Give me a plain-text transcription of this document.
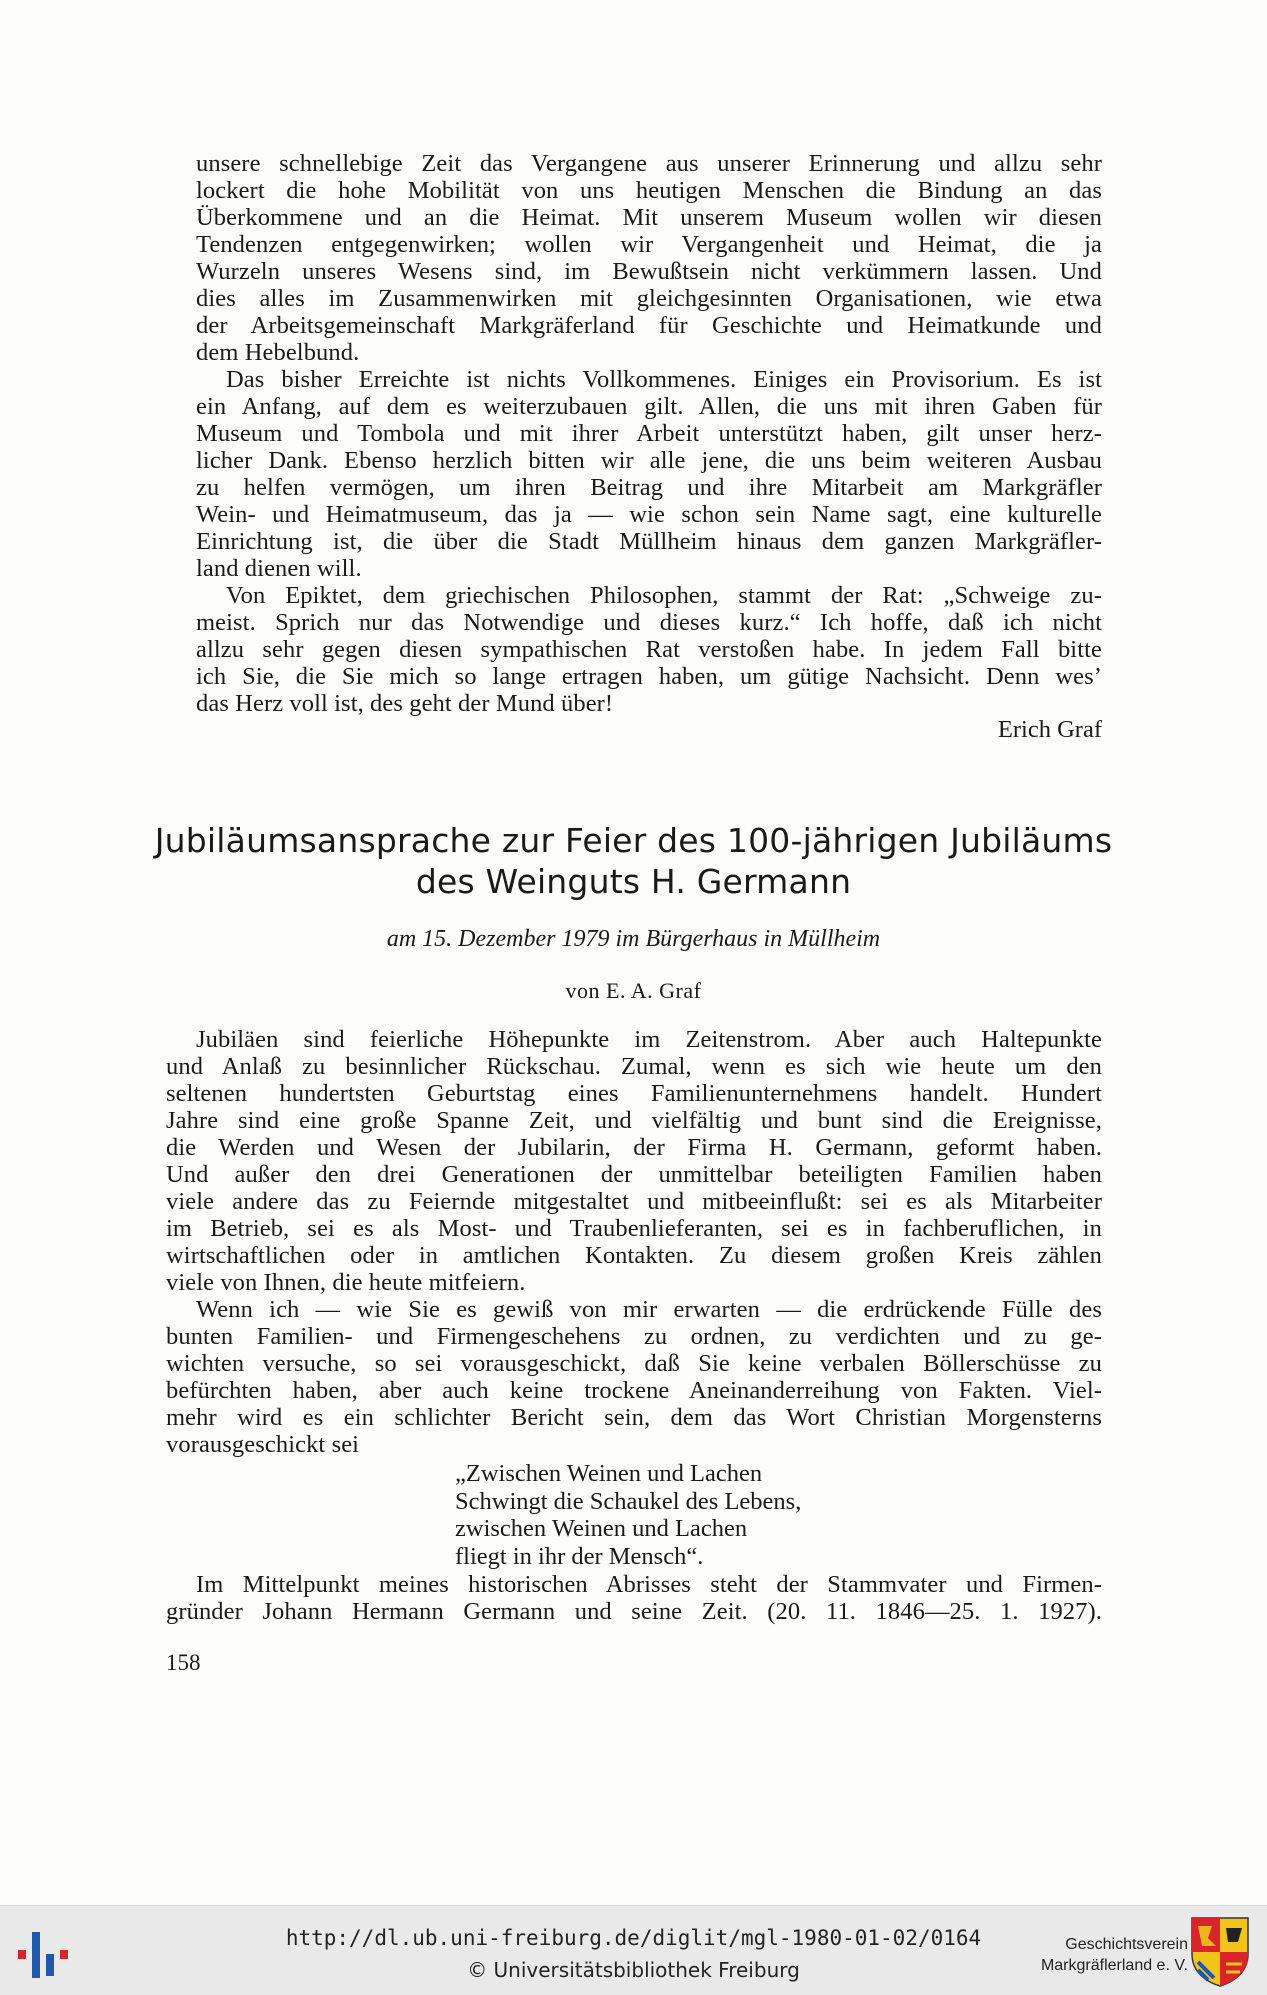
unsere schnellebige Zeit das Vergangene aus unserer Erinnerung und allzu sehr
lockert die hohe Mobilität von uns heutigen Menschen die Bindung an das
Überkommene und an die Heimat. Mit unserem Museum wollen wir diesen
Tendenzen entgegenwirken; wollen wir Vergangenheit und Heimat, die ja
Wurzeln unseres Wesens sind, im Bewußtsein nicht verkümmern lassen. Und
dies alles im Zusammenwirken mit gleichgesinnten Organisationen, wie etwa
der Arbeitsgemeinschaft Markgräferland für Geschichte und Heimatkunde und
dem Hebelbund.
Das bisher Erreichte ist nichts Vollkommenes. Einiges ein Provisorium. Es ist
ein Anfang, auf dem es weiterzubauen gilt. Allen, die uns mit ihren Gaben für
Museum und Tombola und mit ihrer Arbeit unterstützt haben, gilt unser herz-
licher Dank. Ebenso herzlich bitten wir alle jene, die uns beim weiteren Ausbau
zu helfen vermögen, um ihren Beitrag und ihre Mitarbeit am Markgräfler
Wein- und Heimatmuseum, das ja — wie schon sein Name sagt, eine kulturelle
Einrichtung ist, die über die Stadt Müllheim hinaus dem ganzen Markgräfler-
land dienen will.
Von Epiktet, dem griechischen Philosophen, stammt der Rat: „Schweige zu-
meist. Sprich nur das Notwendige und dieses kurz.“ Ich hoffe, daß ich nicht
allzu sehr gegen diesen sympathischen Rat verstoßen habe. In jedem Fall bitte
ich Sie, die Sie mich so lange ertragen haben, um gütige Nachsicht. Denn wes’
das Herz voll ist, des geht der Mund über!
Erich Graf
Jubiläumsansprache zur Feier des 100-jährigen Jubiläums
des Weinguts H. Germann
am 15. Dezember 1979 im Bürgerhaus in Müllheim
von E. A. Graf
Jubiläen sind feierliche Höhepunkte im Zeitenstrom. Aber auch Haltepunkte
und Anlaß zu besinnlicher Rückschau. Zumal, wenn es sich wie heute um den
seltenen hundertsten Geburtstag eines Familienunternehmens handelt. Hundert
Jahre sind eine große Spanne Zeit, und vielfältig und bunt sind die Ereignisse,
die Werden und Wesen der Jubilarin, der Firma H. Germann, geformt haben.
Und außer den drei Generationen der unmittelbar beteiligten Familien haben
viele andere das zu Feiernde mitgestaltet und mitbeeinflußt: sei es als Mitarbeiter
im Betrieb, sei es als Most- und Traubenlieferanten, sei es in fachberuflichen, in
wirtschaftlichen oder in amtlichen Kontakten. Zu diesem großen Kreis zählen
viele von Ihnen, die heute mitfeiern.
Wenn ich — wie Sie es gewiß von mir erwarten — die erdrückende Fülle des
bunten Familien- und Firmengeschehens zu ordnen, zu verdichten und zu ge-
wichten versuche, so sei vorausgeschickt, daß Sie keine verbalen Böllerschüsse zu
befürchten haben, aber auch keine trockene Aneinanderreihung von Fakten. Viel-
mehr wird es ein schlichter Bericht sein, dem das Wort Christian Morgensterns
vorausgeschickt sei
„Zwischen Weinen und Lachen
Schwingt die Schaukel des Lebens,
zwischen Weinen und Lachen
fliegt in ihr der Mensch“.
Im Mittelpunkt meines historischen Abrisses steht der Stammvater und Firmen-
gründer Johann Hermann Germann und seine Zeit. (20. 11. 1846—25. 1. 1927).
158
http://dl.ub.uni-freiburg.de/diglit/mgl-1980-01-02/0164
© Universitätsbibliothek Freiburg
Geschichtsverein
Markgräflerland e. V.
